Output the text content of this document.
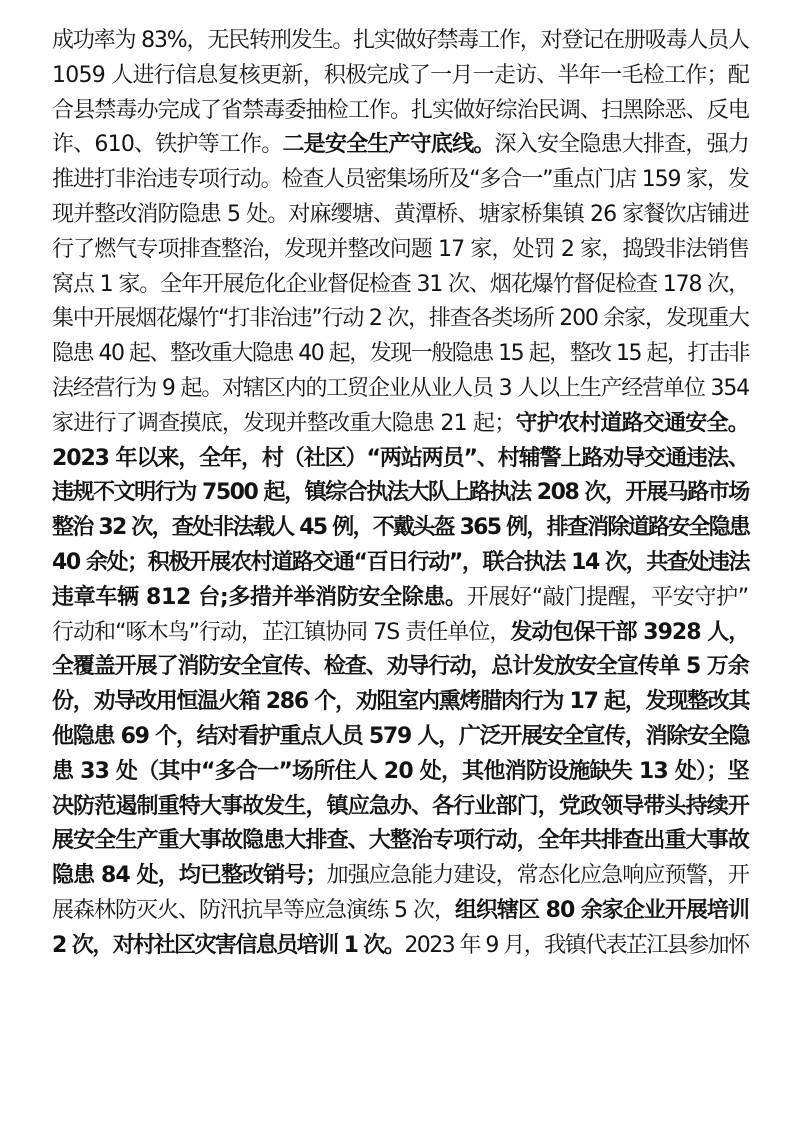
成功率为 83%，无民转刑发生。扎实做好禁毒工作，对登记在册吸毒人员人
1059 人进行信息复核更新，积极完成了一月一走访、半年一毛检工作；配
合县禁毒办完成了省禁毒委抽检工作。扎实做好综治民调、扫黑除恶、反电
诈、610、铁护等工作。二是安全生产守底线。深入安全隐患大排查，强力
推进打非治违专项行动。检查人员密集场所及“多合一”重点门店 159 家，发
现并整改消防隐患 5 处。对麻缨塘、黄潭桥、塘家桥集镇 26 家餐饮店铺进
行了燃气专项排查整治，发现并整改问题 17 家，处罚 2 家，捣毁非法销售
窝点 1 家。全年开展危化企业督促检查 31 次、烟花爆竹督促检查 178 次，
集中开展烟花爆竹“打非治违”行动 2 次，排查各类场所 200 余家，发现重大
隐患 40 起、整改重大隐患 40 起，发现一般隐患 15 起，整改 15 起，打击非
法经营行为 9 起。对辖区内的工贸企业从业人员 3 人以上生产经营单位 354
家进行了调查摸底，发现并整改重大隐患 21 起；守护农村道路交通安全。
2023 年以来，全年，村（社区）“两站两员”、村辅警上路劝导交通违法、
违规不文明行为 7500 起，镇综合执法大队上路执法 208 次，开展马路市场
整治 32 次，查处非法载人 45 例，不戴头盔 365 例，排查消除道路安全隐患
40 余处；积极开展农村道路交通“百日行动”，联合执法 14 次，共查处违法
违章车辆 812 台;多措并举消防安全除患。开展好“敲门提醒，平安守护”
行动和“啄木鸟”行动，芷江镇协同 7S 责任单位，发动包保干部 3928 人，
全覆盖开展了消防安全宣传、检查、劝导行动，总计发放安全宣传单 5 万余
份，劝导改用恒温火箱 286 个，劝阻室内熏烤腊肉行为 17 起，发现整改其
他隐患 69 个，结对看护重点人员 579 人，广泛开展安全宣传，消除安全隐
患 33 处（其中“多合一”场所住人 20 处，其他消防设施缺失 13 处）；坚
决防范遏制重特大事故发生，镇应急办、各行业部门，党政领导带头持续开
展安全生产重大事故隐患大排查、大整治专项行动，全年共排查出重大事故
隐患 84 处，均已整改销号；加强应急能力建设，常态化应急响应预警，开
展森林防灭火、防汛抗旱等应急演练 5 次，组织辖区 80 余家企业开展培训
2 次，对村社区灾害信息员培训 1 次。2023 年 9 月，我镇代表芷江县参加怀
